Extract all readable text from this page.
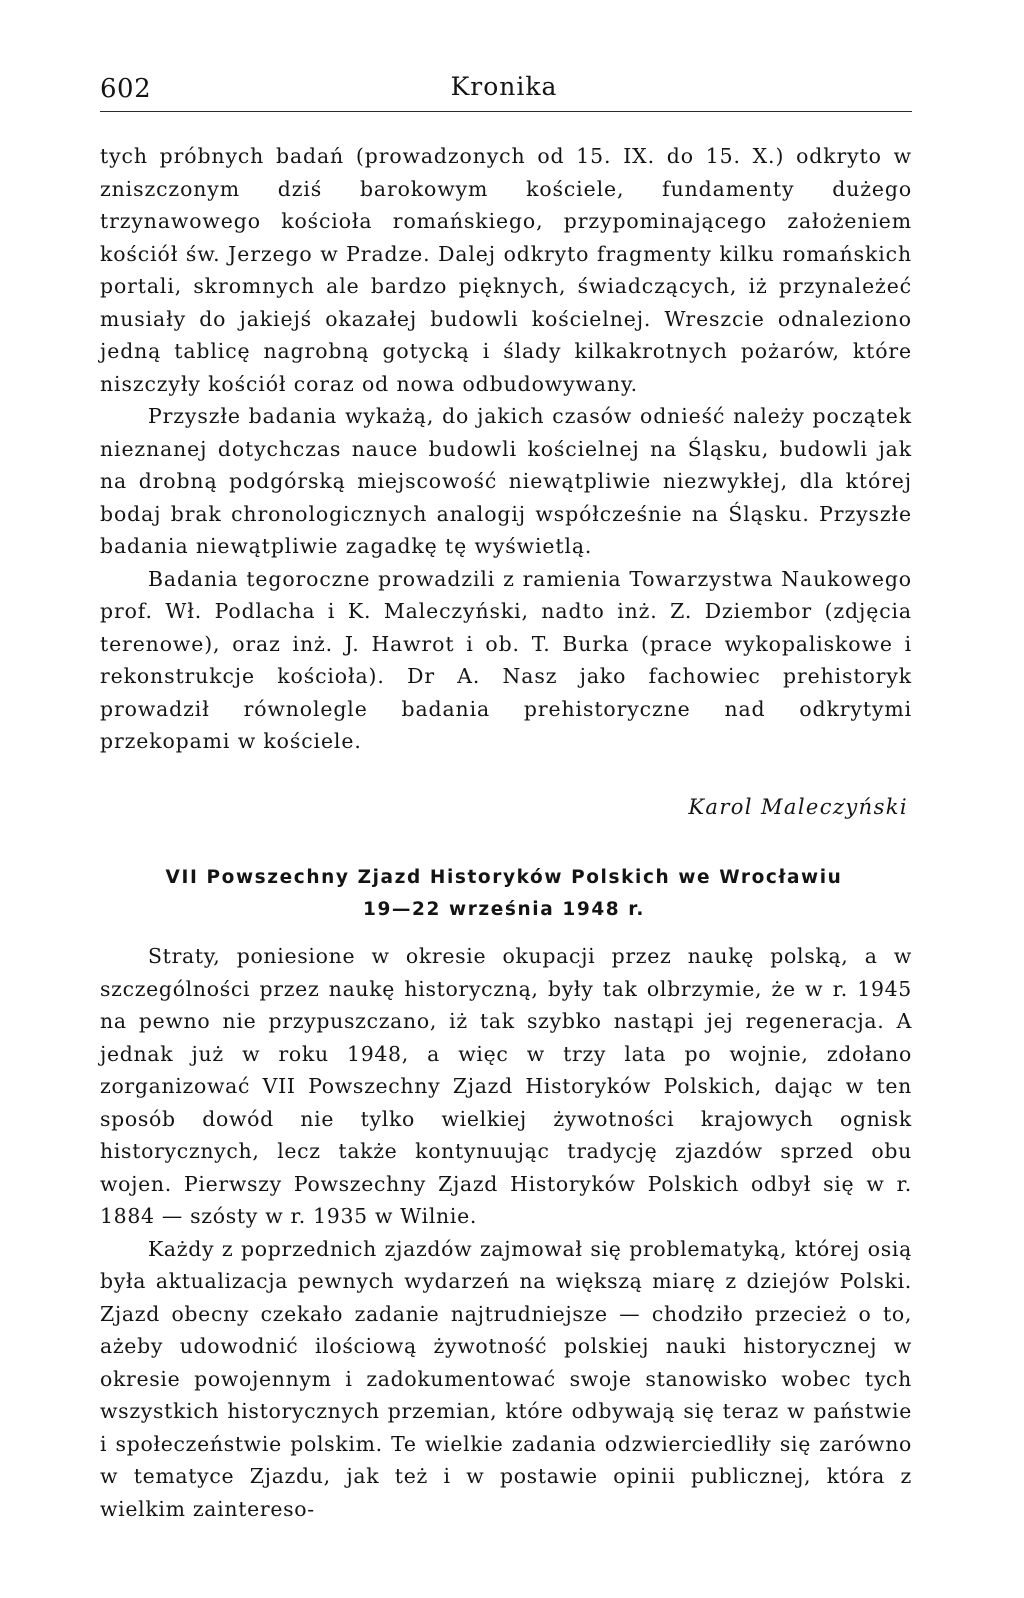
602	Kronika

tych próbnych badań (prowadzonych od 15. IX. do 15. X.) odkryto w zniszczonym dziś barokowym kościele, fundamenty dużego trzynawowego kościoła romańskiego, przypominającego założeniem kościół św. Jerzego w Pradze. Dalej odkryto fragmenty kilku romańskich portali, skromnych ale bardzo pięknych, świadczących, iż przynależeć musiały do jakiejś okazałej budowli kościelnej. Wreszcie odnaleziono jedną tablicę nagrobną gotycką i ślady kilkakrotnych pożarów, które niszczyły kościół coraz od nowa odbudowywany.

Przyszłe badania wykażą, do jakich czasów odnieść należy początek nieznanej dotychczas nauce budowli kościelnej na Śląsku, budowli jak na drobną podgórską miejscowość niewątpliwie niezwykłej, dla której bodaj brak chronologicznych analogij współcześnie na Śląsku. Przyszłe badania niewątpliwie zagadkę tę wyświetlą.

Badania tegoroczne prowadzili z ramienia Towarzystwa Naukowego prof. Wł. Podlacha i K. Maleczyński, nadto inż. Z. Dziembor (zdjęcia terenowe), oraz inż. J. Hawrot i ob. T. Burka (prace wykopaliskowe i rekonstrukcje kościoła). Dr A. Nasz jako fachowiec prehistoryk prowadził równolegle badania prehistoryczne nad odkrytymi przekopami w kościele.

Karol Maleczyński
VII Powszechny Zjazd Historyków Polskich we Wrocławiu
19—22 września 1948 r.

Straty, poniesione w okresie okupacji przez naukę polską, a w szczególności przez naukę historyczną, były tak olbrzymie, że w r. 1945 na pewno nie przypuszczano, iż tak szybko nastąpi jej regeneracja. A jednak już w roku 1948, a więc w trzy lata po wojnie, zdołano zorganizować VII Powszechny Zjazd Historyków Polskich, dając w ten sposób dowód nie tylko wielkiej żywotności krajowych ognisk historycznych, lecz także kontynuując tradycję zjazdów sprzed obu wojen. Pierwszy Powszechny Zjazd Historyków Polskich odbył się w r. 1884 — szósty w r. 1935 w Wilnie.

Każdy z poprzednich zjazdów zajmował się problematyką, której osią była aktualizacja pewnych wydarzeń na większą miarę z dziejów Polski. Zjazd obecny czekało zadanie najtrudniejsze — chodziło przecież o to, ażeby udowodnić ilościową żywotność polskiej nauki historycznej w okresie powojennym i zadokumentować swoje stanowisko wobec tych wszystkich historycznych przemian, które odbywają się teraz w państwie i społeczeństwie polskim. Te wielkie zadania odzwierciedliły się zarówno w tematyce Zjazdu, jak też i w postawie opinii publicznej, która z wielkim zaintereso-
